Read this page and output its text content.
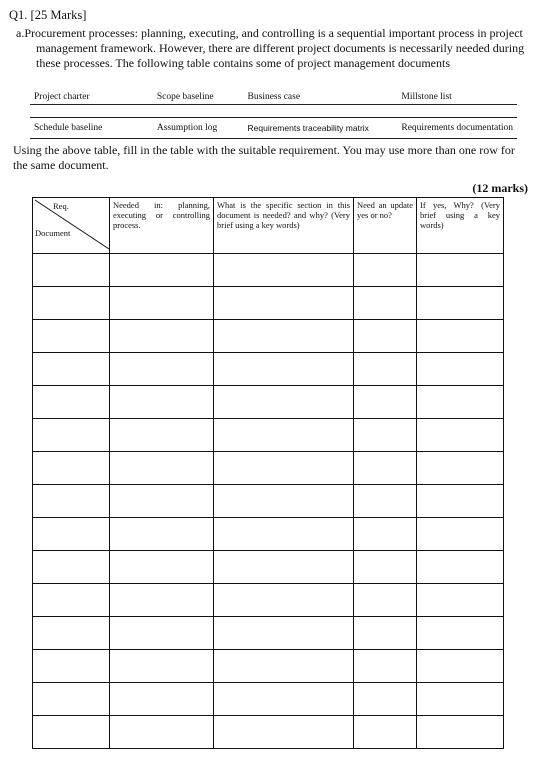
Q1. [25 Marks]
a.Procurement processes: planning, executing, and controlling is a sequential important process in project management framework. However, there are different project documents is necessarily needed during these processes. The following table contains some of project management documents
Project charter	Scope baseline	Business case	Millstone list

Schedule baseline	Assumption log	Requirements traceability matrix	Requirements documentation
Using the above table, fill in the table with the suitable requirement. You may use more than one row for the same document.
(12 marks)
Req.
Document	Needed in: planning, executing or controlling process.	What is the specific section in this document is needed? and why? (Very brief using a key words)	Need an update yes or no?	If yes, Why? (Very brief using a key words)
